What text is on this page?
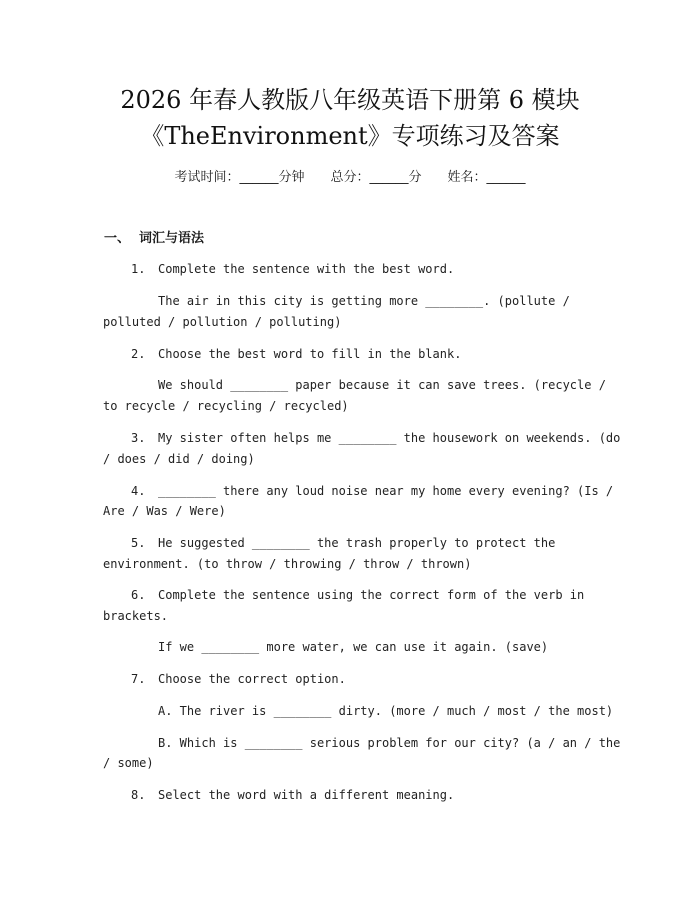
2026 年春人教版八年级英语下册第 6 模块
《TheEnvironment》专项练习及答案
考试时间：______分钟 总分：______分 姓名：______
一、  词汇与语法
1. Complete the sentence with the best word.
The air in this city is getting more ________. (pollute /
polluted / pollution / polluting)
2. Choose the best word to fill in the blank.
We should ________ paper because it can save trees. (recycle /
to recycle / recycling / recycled)
3. My sister often helps me ________ the housework on weekends. (do
/ does / did / doing)
4. ________ there any loud noise near my home every evening? (Is /
Are / Was / Were)
5. He suggested ________ the trash properly to protect the
environment. (to throw / throwing / throw / thrown)
6. Complete the sentence using the correct form of the verb in
brackets.
If we ________ more water, we can use it again. (save)
7. Choose the correct option.
A. The river is ________ dirty. (more / much / most / the most)
B. Which is ________ serious problem for our city? (a / an / the
/ some)
8. Select the word with a different meaning.
